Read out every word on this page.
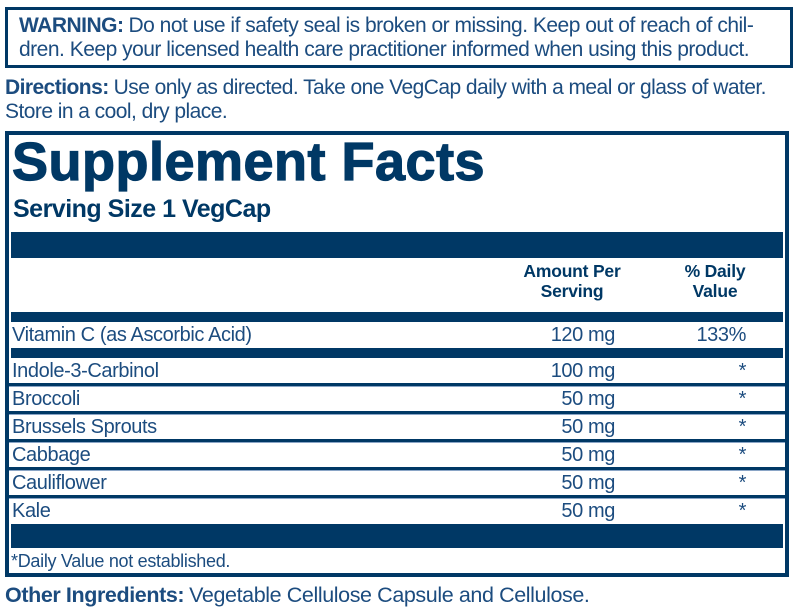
WARNING: Do not use if safety seal is broken or missing. Keep out of reach of chil-
dren. Keep your licensed health care practitioner informed when using this product.
Directions: Use only as directed. Take one VegCap daily with a meal or glass of water.
Store in a cool, dry place.
Supplement Facts
Serving Size 1 VegCap
Amount Per
Serving
% Daily
Value
Vitamin C (as Ascorbic Acid)	120 mg	133%
Indole-3-Carbinol	100 mg	*
Broccoli	50 mg	*
Brussels Sprouts	50 mg	*
Cabbage	50 mg	*
Cauliflower	50 mg	*
Kale	50 mg	*
*Daily Value not established.
Other Ingredients: Vegetable Cellulose Capsule and Cellulose.
